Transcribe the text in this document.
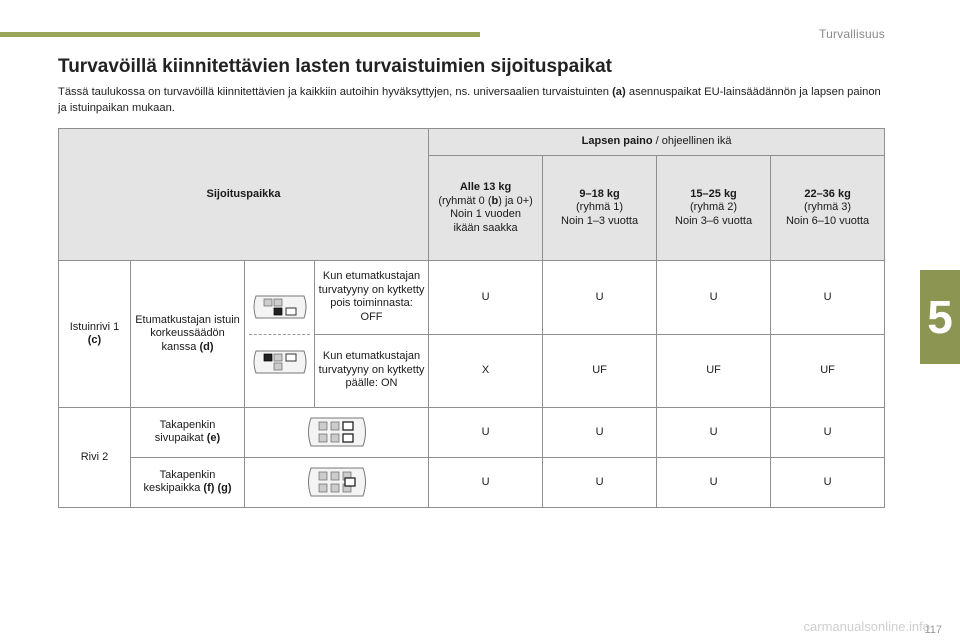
Turvallisuus
5
Turvavöillä kiinnitettävien lasten turvaistuimien sijoituspaikat

Tässä taulukossa on turvavöillä kiinnitettävien ja kaikkiin autoihin hyväksyttyjen, ns. universaalien turvaistuinten (a) asennuspaikat EU-lainsäädännön ja lapsen painon ja istuinpaikan mukaan.

Sijoituspaikka				Lapsen paino / ohjeellinen ikä			
				Alle 13 kg
(ryhmät 0 (b) ja 0+)
Noin 1 vuoden
ikään saakka	9–18 kg
(ryhmä 1)
Noin 1–3 vuotta	15–25 kg
(ryhmä 2)
Noin 3–6 vuotta	22–36 kg
(ryhmä 3)
Noin 6–10 vuotta
Istuinrivi 1
(c)	Etumatkustajan istuin korkeussäädön kanssa (d)		Kun etumatkustajan turvatyyny on kytketty pois toiminnasta: OFF	U	U	U	U
			Kun etumatkustajan turvatyyny on kytketty päälle: ON	X	UF	UF	UF
Rivi 2	Takapenkin sivupaikat (e)			U	U	U	U
	Takapenkin keskipaikka (f) (g)			U	U	U	U
carmanualsonline.info
117
